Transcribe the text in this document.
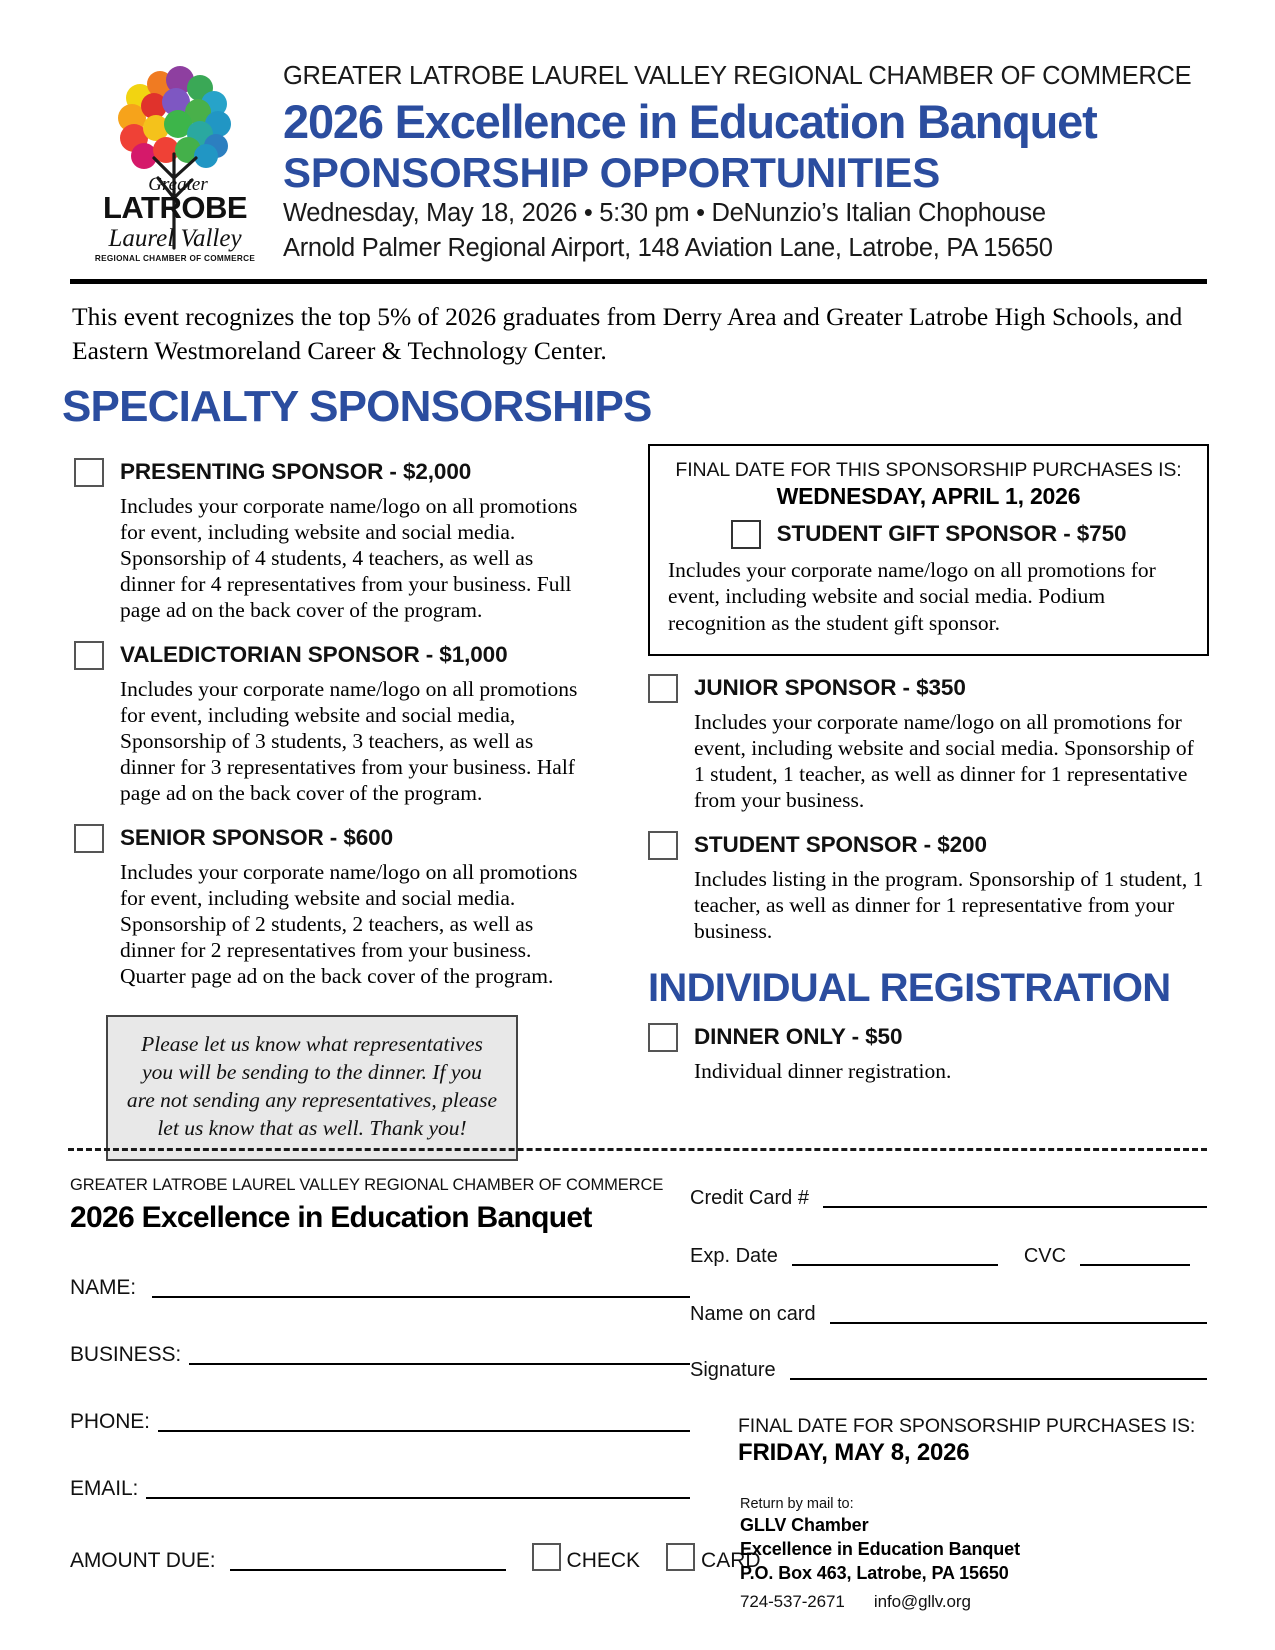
Greater
LATROBE
Laurel Valley
REGIONAL CHAMBER OF COMMERCE
GREATER LATROBE LAUREL VALLEY REGIONAL CHAMBER OF COMMERCE
2026 Excellence in Education Banquet
SPONSORSHIP OPPORTUNITIES
Wednesday, May 18, 2026 • 5:30 pm • DeNunzio’s Italian Chophouse
Arnold Palmer Regional Airport, 148 Aviation Lane, Latrobe, PA 15650
This event recognizes the top 5% of 2026 graduates from Derry Area and Greater Latrobe High Schools, and Eastern Westmoreland Career & Technology Center.
SPECIALTY SPONSORSHIPS
PRESENTING SPONSOR - $2,000
Includes your corporate name/logo on all promotions for event, including website and social media. Sponsorship of 4 students, 4 teachers, as well as dinner for 4 representatives from your business. Full page ad on the back cover of the program.
VALEDICTORIAN SPONSOR - $1,000
Includes your corporate name/logo on all promotions for event, including website and social media, Sponsorship of 3 students, 3 teachers, as well as dinner for 3 representatives from your business. Half page ad on the back cover of the program.
SENIOR SPONSOR - $600
Includes your corporate name/logo on all promotions for event, including website and social media. Sponsorship of 2 students, 2 teachers, as well as dinner for 2 representatives from your business. Quarter page ad on the back cover of the program.
Please let us know what representatives you will be sending to the dinner. If you are not sending any representatives, please let us know that as well. Thank you!
FINAL DATE FOR THIS SPONSORSHIP PURCHASES IS:
WEDNESDAY, APRIL 1, 2026
STUDENT GIFT SPONSOR - $750
Includes your corporate name/logo on all promotions for event, including website and social media. Podium recognition as the student gift sponsor.
JUNIOR SPONSOR - $350
Includes your corporate name/logo on all promotions for event, including website and social media. Sponsorship of 1 student, 1 teacher, as well as dinner for 1 representative from your business.
STUDENT SPONSOR - $200
Includes listing in the program. Sponsorship of 1 student, 1 teacher, as well as dinner for 1 representative from your business.
INDIVIDUAL REGISTRATION
DINNER ONLY - $50
Individual dinner registration.
GREATER LATROBE LAUREL VALLEY REGIONAL CHAMBER OF COMMERCE
2026 Excellence in Education Banquet
NAME:
BUSINESS:
PHONE:
EMAIL:
AMOUNT DUE:	CHECK	CARD
Credit Card #
Exp. Date	CVC
Name on card
Signature
FINAL DATE FOR SPONSORSHIP PURCHASES IS:
FRIDAY, MAY 8, 2026
Return by mail to:
GLLV Chamber
Excellence in Education Banquet
P.O. Box 463, Latrobe, PA 15650
724-537-2671 info@gllv.org
